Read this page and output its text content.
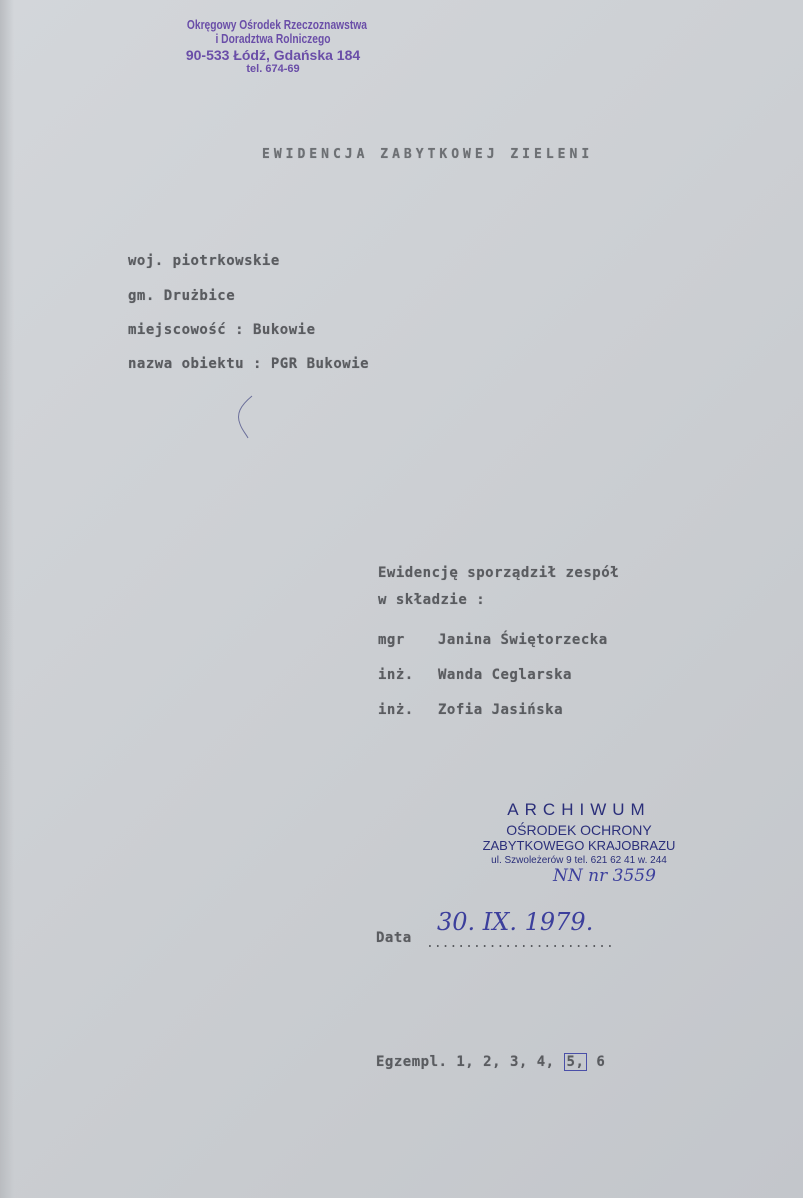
Okręgowy Ośrodek Rzeczoznawstwa
i Doradztwa Rolniczego
90-533 Łódź, Gdańska 184
tel. 674-69
EWIDENCJA ZABYTKOWEJ ZIELENI
woj. piotrkowskie
gm. Drużbice
miejscowość : Bukowie
nazwa obiektu : PGR Bukowie
Ewidencję sporządził zespół
w składzie :
mgr Janina Świętorzecka
inż. Wanda Ceglarska
inż. Zofia Jasińska
ARCHIWUM
OŚRODEK OCHRONY
ZABYTKOWEGO KRAJOBRAZU
ul. Szwoleżerów 9 tel. 621 62 41 w. 244
NN nr 3559
Data ........................
30. IX. 1979.
Egzempl. 1, 2, 3, 4, 5, 6
